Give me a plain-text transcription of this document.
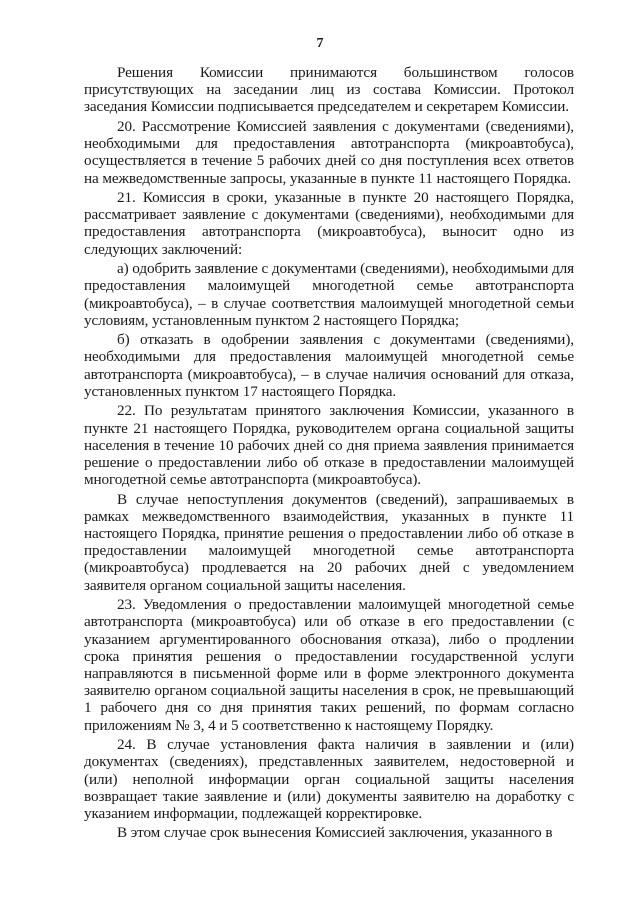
7

Решения Комиссии принимаются большинством голосов присутствующих на заседании лиц из состава Комиссии. Протокол заседания Комиссии подписывается председателем и секретарем Комиссии.

20. Рассмотрение Комиссией заявления с документами (сведениями), необходимыми для предоставления автотранспорта (микроавтобуса), осуществляется в течение 5 рабочих дней со дня поступления всех ответов на межведомственные запросы, указанные в пункте 11 настоящего Порядка.

21. Комиссия в сроки, указанные в пункте 20 настоящего Порядка, рассматривает заявление с документами (сведениями), необходимыми для предоставления автотранспорта (микроавтобуса), выносит одно из следующих заключений:

а) одобрить заявление с документами (сведениями), необходимыми для предоставления малоимущей многодетной семье автотранспорта (микроавтобуса), – в случае соответствия малоимущей многодетной семьи условиям, установленным пунктом 2 настоящего Порядка;

б) отказать в одобрении заявления с документами (сведениями), необходимыми для предоставления малоимущей многодетной семье автотранспорта (микроавтобуса), – в случае наличия оснований для отказа, установленных пунктом 17 настоящего Порядка.

22. По результатам принятого заключения Комиссии, указанного в пункте 21 настоящего Порядка, руководителем органа социальной защиты населения в течение 10 рабочих дней со дня приема заявления принимается решение о предоставлении либо об отказе в предоставлении малоимущей многодетной семье автотранспорта (микроавтобуса).

В случае непоступления документов (сведений), запрашиваемых в рамках межведомственного взаимодействия, указанных в пункте 11 настоящего Порядка, принятие решения о предоставлении либо об отказе в предоставлении малоимущей многодетной семье автотранспорта (микроавтобуса) продлевается на 20 рабочих дней с уведомлением заявителя органом социальной защиты населения.

23. Уведомления о предоставлении малоимущей многодетной семье автотранспорта (микроавтобуса) или об отказе в его предоставлении (с указанием аргументированного обоснования отказа), либо о продлении срока принятия решения о предоставлении государственной услуги направляются в письменной форме или в форме электронного документа заявителю органом социальной защиты населения в срок, не превышающий 1 рабочего дня со дня принятия таких решений, по формам согласно приложениям № 3, 4 и 5 соответственно к настоящему Порядку.

24. В случае установления факта наличия в заявлении и (или) документах (сведениях), представленных заявителем, недостоверной и (или) неполной информации орган социальной защиты населения возвращает такие заявление и (или) документы заявителю на доработку с указанием информации, подлежащей корректировке.

В этом случае срок вынесения Комиссией заключения, указанного в
